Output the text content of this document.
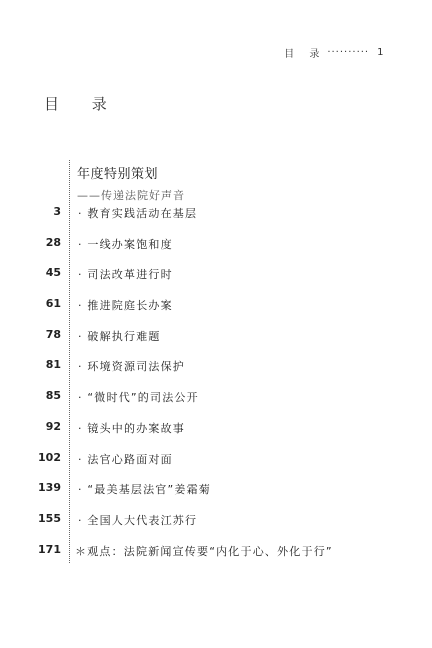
目 录 ·········· 1
目 录
年度特别策划
——传递法院好声音
3 · 教育实践活动在基层
28 · 一线办案饱和度
45 · 司法改革进行时
61 · 推进院庭长办案
78 · 破解执行难题
81 · 环境资源司法保护
85 · “微时代”的司法公开
92 · 镜头中的办案故事
102 · 法官心路面对面
139 · “最美基层法官”姜霜菊
155 · 全国人大代表江苏行
171 ＊观点：法院新闻宣传要“内化于心、外化于行”
